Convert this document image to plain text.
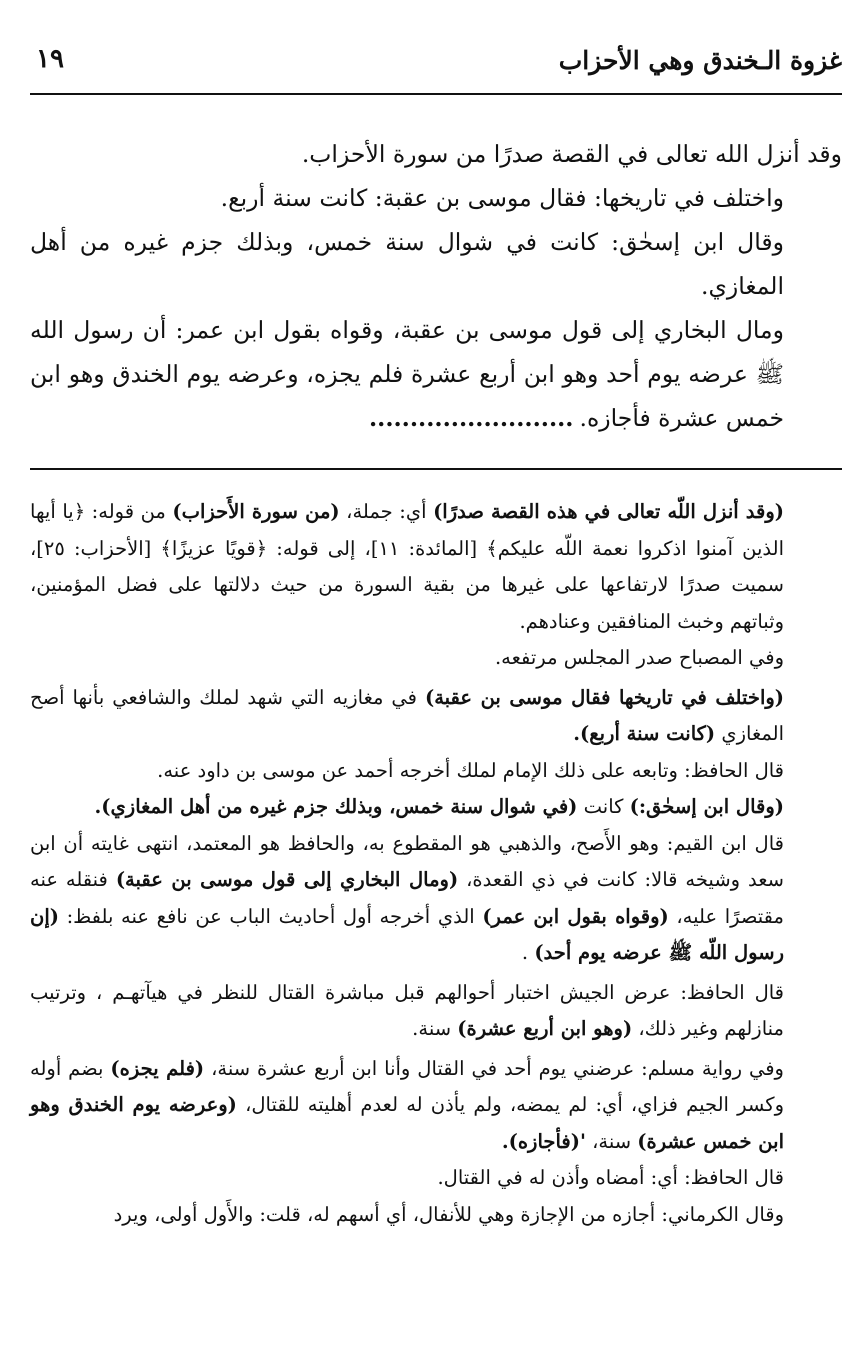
غزوة الـخندق وهي الأحزاب
١٩

وقد أنزل الله تعالى في القصة صدرًا من سورة الأحزاب.

واختلف في تاريخها: فقال موسى بن عقبة: كانت سنة أربع.

وقال ابن إسحٰق: كانت في شوال سنة خمس، وبذلك جزم غيره من أهل المغازي.

ومال البخاري إلى قول موسى بن عقبة، وقواه بقول ابن عمر: أن رسول الله ﷺ عرضه يوم أحد وهو ابن أربع عشرة فلم يجزه، وعرضه يوم الخندق وهو ابن خمس عشرة فأجازه..........................

(وقد أنزل اللّه تعالى في هذه القصة صدرًا) أي: جملة، (من سورة الأَحزاب) من قوله: ﴿يا أيها الذين آمنوا اذكروا نعمة اللّه عليكم﴾ [المائدة: ١١]، إلى قوله: ﴿قويًا عزيزًا﴾ [الأحزاب: ٢٥]، سميت صدرًا لارتفاعها على غيرها من بقية السورة من حيث دلالتها على فضل المؤمنين، وثباتهم وخبث المنافقين وعنادهم.

وفي المصباح صدر المجلس مرتفعه.

(واختلف في تاريخها فقال موسى بن عقبة) في مغازيه التي شهد لملك والشافعي بأنها أصح المغازي (كانت سنة أربع).

قال الحافظ: وتابعه على ذلك الإمام لملك أخرجه أحمد عن موسى بن داود عنه.

(وقال ابن إسحٰق:) كانت (في شوال سنة خمس، وبذلك جزم غيره من أهل المغازي).

قال ابن القيم: وهو الأَصح، والذهبي هو المقطوع به، والحافظ هو المعتمد، انتهى غايته أن ابن سعد وشيخه قالا: كانت في ذي القعدة، (ومال البخاري إلى قول موسى بن عقبة) فنقله عنه مقتصرًا عليه، (وقواه بقول ابن عمر) الذي أخرجه أول أحاديث الباب عن نافع عنه بلفظ: (إن رسول اللّه ﷺ عرضه يوم أحد) .

قال الحافظ: عرض الجيش اختبار أحوالهم قبل مباشرة القتال للنظر في هيآتهـم ، وترتيب منازلهم وغير ذلك، (وهو ابن أربع عشرة) سنة.

وفي رواية مسلم: عرضني يوم أحد في القتال وأنا ابن أربع عشرة سنة، (فلم يجزه) بضم أوله وكسر الجيم فزاي، أي: لم يمضه، ولم يأذن له لعدم أهليته للقتال، (وعرضه يوم الخندق وهو ابن خمس عشرة) سنة، '(فأجازه).

قال الحافظ: أي: أمضاه وأذن له في القتال.

وقال الكرماني: أجازه من الإجازة وهي للأنفال، أي أسهم له، قلت: والأَول أولى، ويرد
